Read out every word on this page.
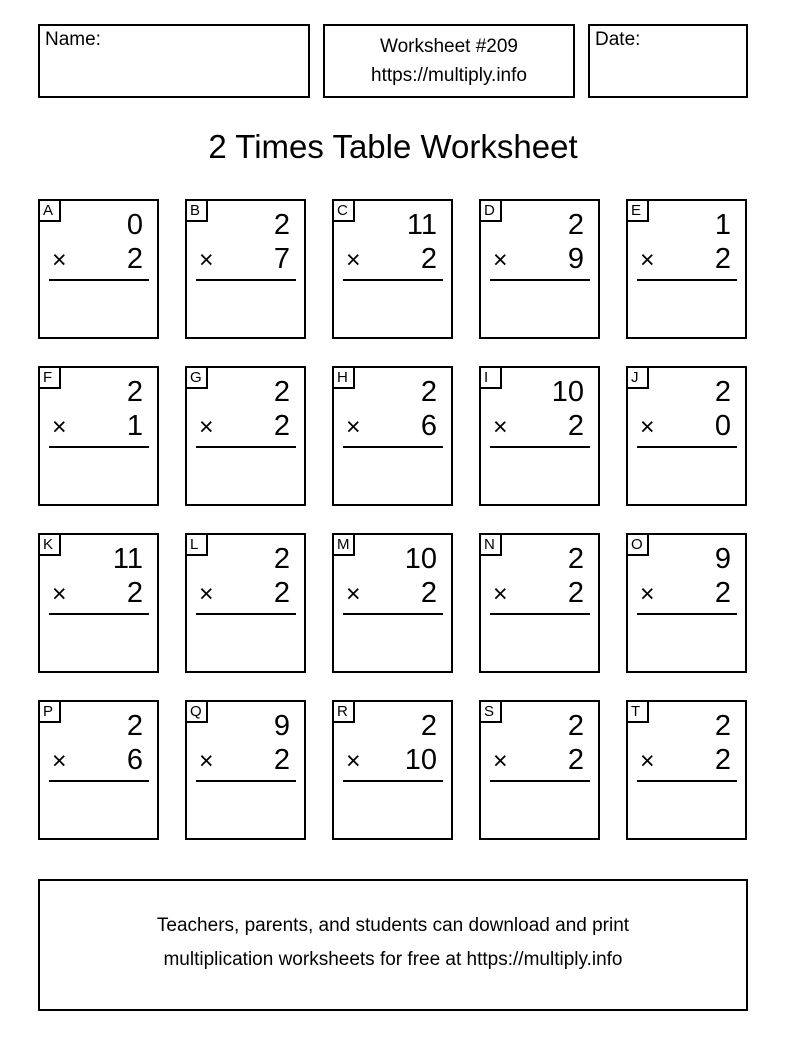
Name:	Worksheet #209
https://multiply.info
Date:
2 Times Table Worksheet
A	0
× 2
B	2
× 7
C 11
× 2
D	2
× 9
E	1
× 2
F	2
× 1
G 2
× 2
H	2
× 6
I	10
× 2
J	2
× 0
K 11
× 2
L	2
× 2
M 10
× 2
N	2
× 2
O 9
× 2
P	2
× 6
Q 9
× 2
R	2
× 10
S	2
× 2
T	2
× 2
Teachers, parents, and students can download and print
multiplication worksheets for free at https://multiply.info
